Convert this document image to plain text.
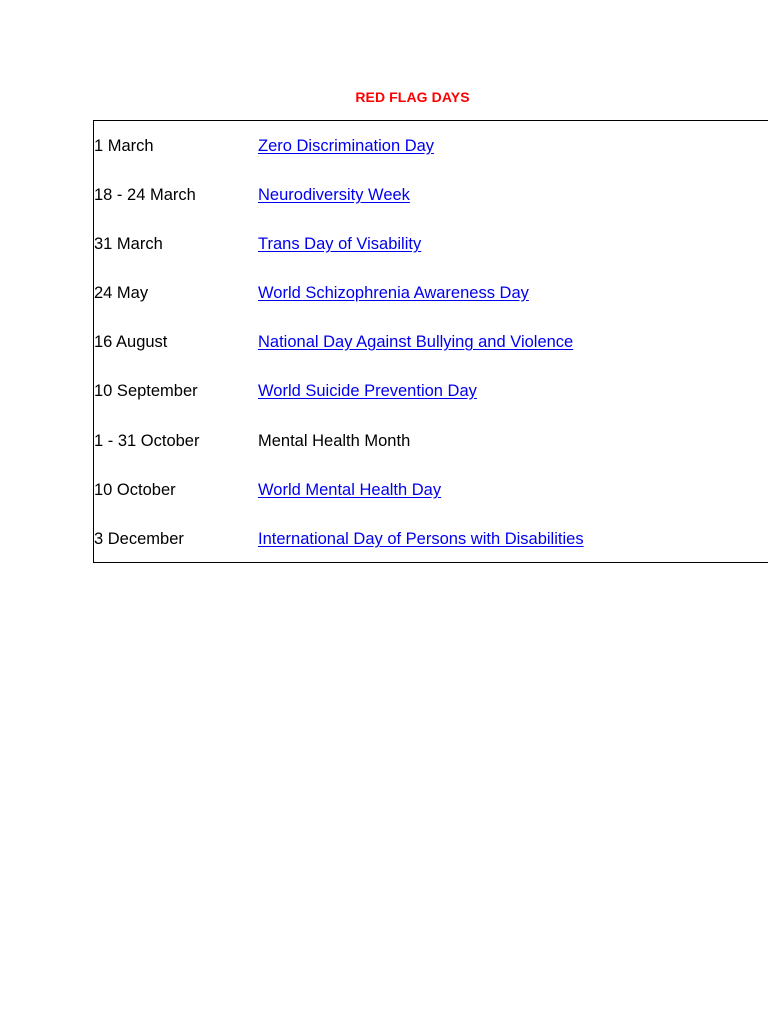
RED FLAG DAYS
1 March	Zero Discrimination Day
18 - 24 March	Neurodiversity Week
31 March	Trans Day of Visability
24 May	World Schizophrenia Awareness Day
16 August	National Day Against Bullying and Violence
10 September	World Suicide Prevention Day
1 - 31 October	Mental Health Month
10 October	World Mental Health Day
3 December	International Day of Persons with Disabilities
